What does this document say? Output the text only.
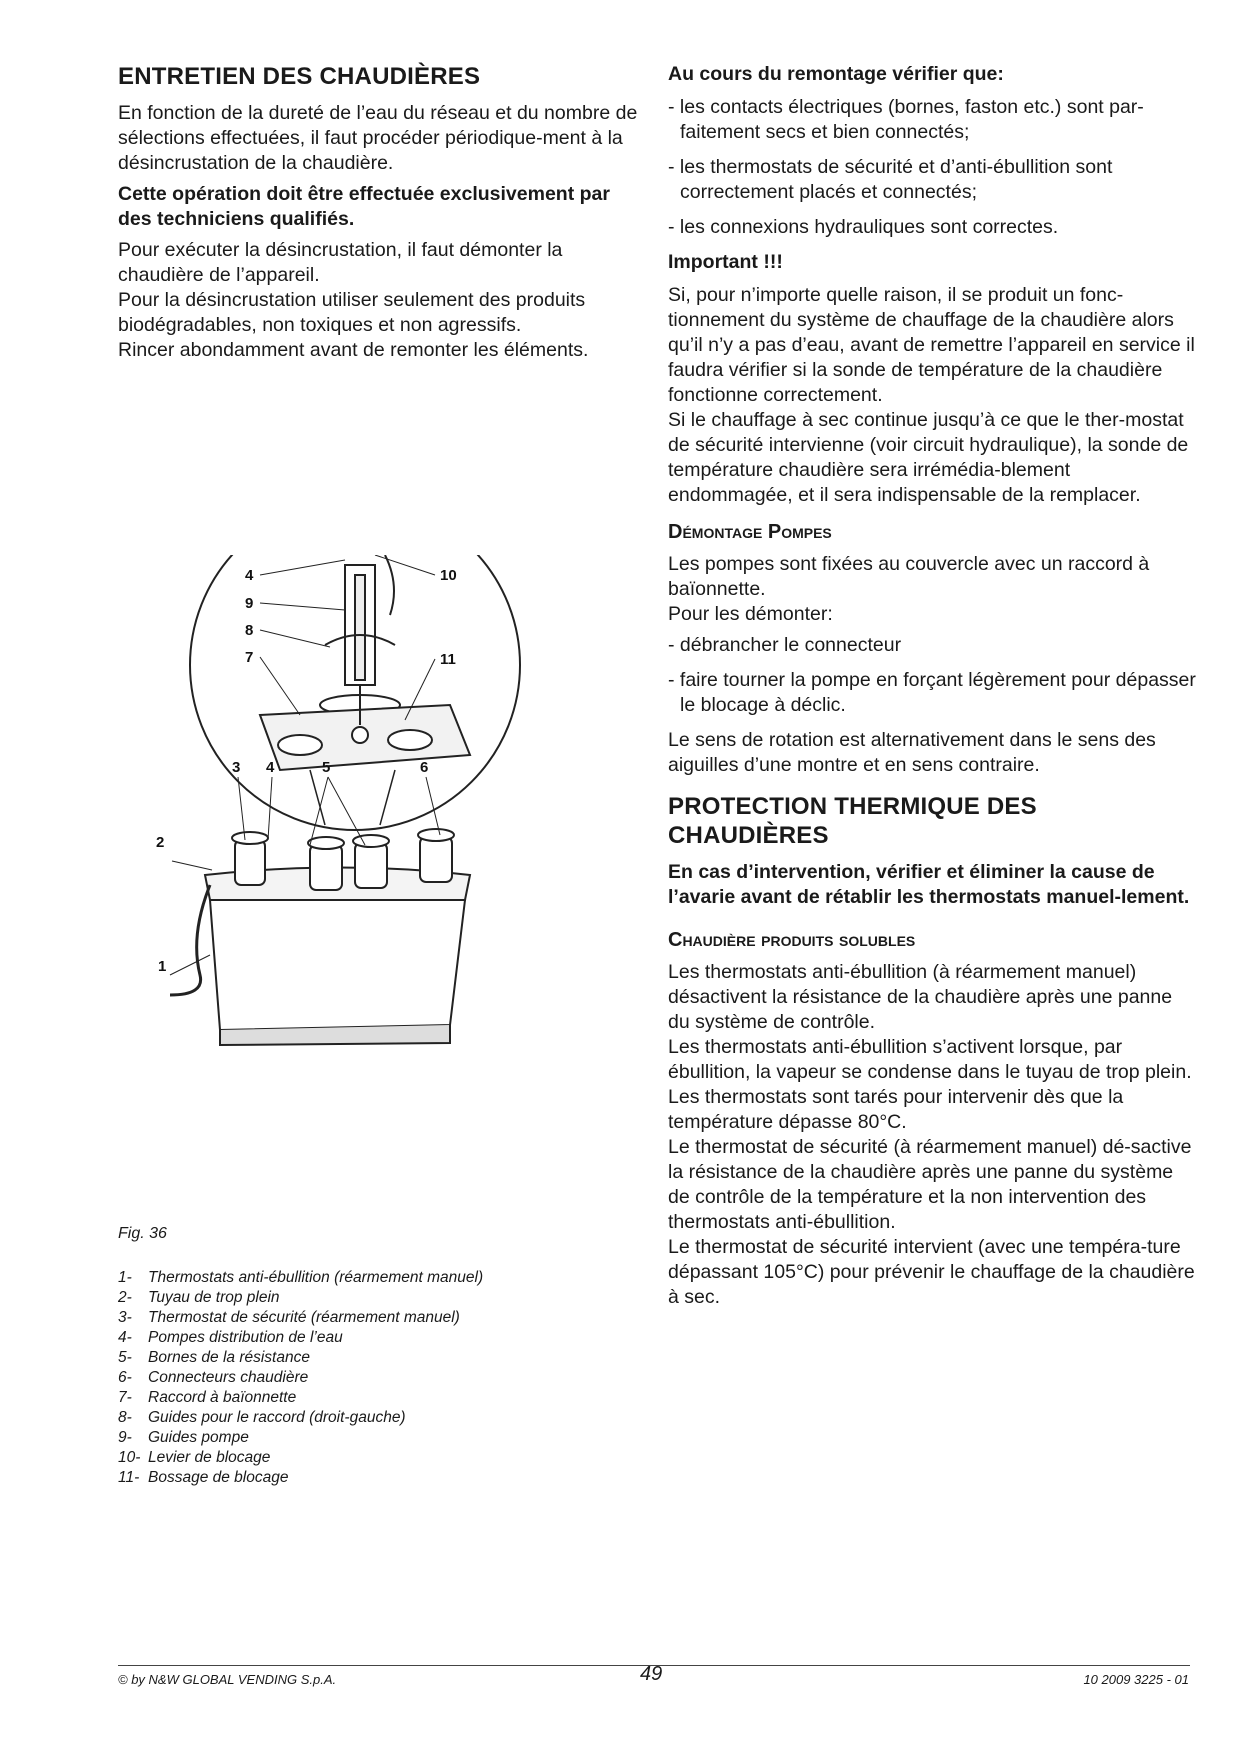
ENTRETIEN DES CHAUDIÈRES

En fonction de la dureté de l’eau du réseau et du nombre de sélections effectuées, il faut procéder périodique-ment à la désincrustation de la chaudière.

Cette opération doit être effectuée exclusivement par des techniciens qualifiés.

Pour exécuter la désincrustation, il faut démonter la chaudière de l’appareil.

Pour la désincrustation utiliser seulement des produits biodégradables, non toxiques et non agressifs.

Rincer abondamment avant de remonter les éléments.

1
2
3 4	5	6
4
9
8
7
10
11
Fig. 36
1-	Thermostats anti-ébullition (réarmement manuel)
2-	Tuyau de trop plein
3-	Thermostat de sécurité (réarmement manuel)
4-	Pompes distribution de l’eau
5-	Bornes de la résistance
6-	Connecteurs chaudière
7-	Raccord à baïonnette
8-	Guides pour le raccord (droit-gauche)
9-	Guides pompe
10- Levier de blocage
11- Bossage de blocage
Au cours du remontage vérifier que:
- les contacts électriques (bornes, faston etc.) sont par-faitement secs et bien connectés;
- les thermostats de sécurité et d’anti-ébullition sont correctement placés et connectés;
- les connexions hydrauliques sont correctes.
Important !!!

Si, pour n’importe quelle raison, il se produit un fonc-tionnement du système de chauffage de la chaudière alors qu’il n’y a pas d’eau, avant de remettre l’appareil en service il faudra vérifier si la sonde de température de la chaudière fonctionne correctement.

Si le chauffage à sec continue jusqu’à ce que le ther-mostat de sécurité intervienne (voir circuit hydraulique), la sonde de température chaudière sera irrémédia-blement endommagée, et il sera indispensable de la remplacer.

Démontage Pompes

Les pompes sont fixées au couvercle avec un raccord à baïonnette.

Pour les démonter:

- débrancher le connecteur
- faire tourner la pompe en forçant légèrement pour dépasser le blocage à déclic.

Le sens de rotation est alternativement dans le sens des aiguilles d’une montre et en sens contraire.

PROTECTION THERMIQUE DES CHAUDIÈRES

En cas d’intervention, vérifier et éliminer la cause de l’avarie avant de rétablir les thermostats manuel-lement.

Chaudière produits solubles

Les thermostats anti-ébullition (à réarmement manuel) désactivent la résistance de la chaudière après une panne du système de contrôle.

Les thermostats anti-ébullition s’activent lorsque, par ébullition, la vapeur se condense dans le tuyau de trop plein. Les thermostats sont tarés pour intervenir dès que la température dépasse 80°C.

Le thermostat de sécurité (à réarmement manuel) dé-sactive la résistance de la chaudière après une panne du système de contrôle de la température et la non intervention des thermostats anti-ébullition.

Le thermostat de sécurité intervient (avec une tempéra-ture dépassant 105°C) pour prévenir le chauffage de la chaudière à sec.

© by N&W GLOBAL VENDING S.p.A.	49	10 2009 3225 - 01
